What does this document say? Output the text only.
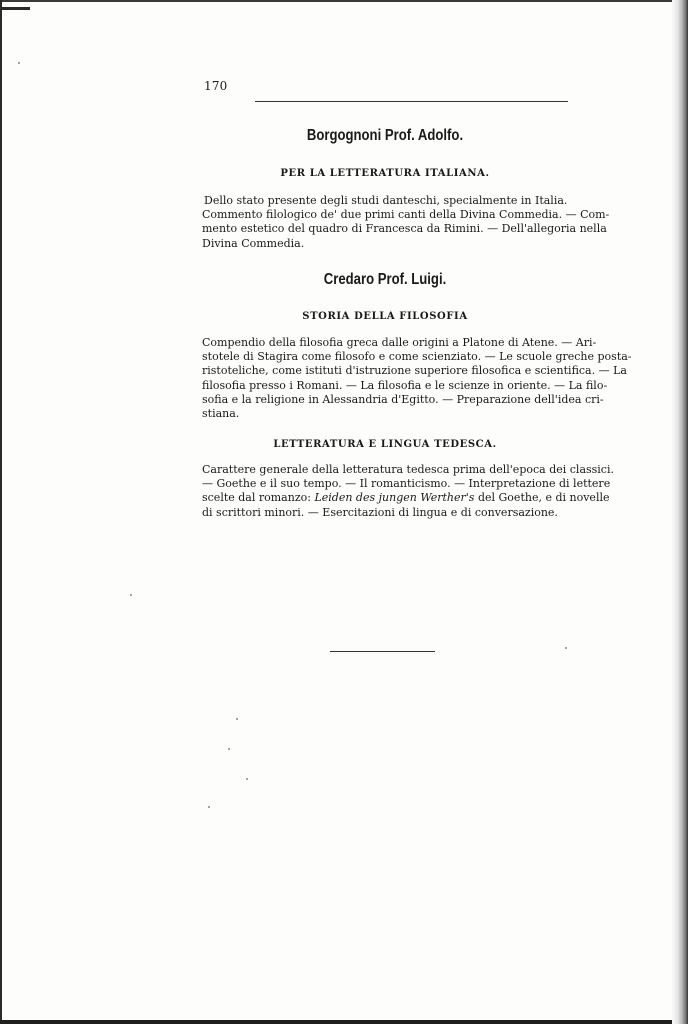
170
Borgognoni Prof. Adolfo.
PER LA LETTERATURA ITALIANA.
Dello stato presente degli studi danteschi, specialmente in Italia.
Commento filologico de' due primi canti della Divina Commedia. — Com-
mento estetico del quadro di Francesca da Rimini. — Dell'allegoria nella
Divina Commedia.
Credaro Prof. Luigi.
STORIA DELLA FILOSOFIA
Compendio della filosofia greca dalle origini a Platone di Atene. — Ari-
stotele di Stagira come filosofo e come scienziato. — Le scuole greche posta-
ristoteliche, come istituti d'istruzione superiore filosofica e scientifica. — La
filosofia presso i Romani. — La filosofia e le scienze in oriente. — La filo-
sofia e la religione in Alessandria d'Egitto. — Preparazione dell'idea cri-
stiana.
LETTERATURA E LINGUA TEDESCA.
Carattere generale della letteratura tedesca prima dell'epoca dei classici.
— Goethe e il suo tempo. — Il romanticismo. — Interpretazione di lettere
scelte dal romanzo: Leiden des jungen Werther's del Goethe, e di novelle
di scrittori minori. — Esercitazioni di lingua e di conversazione.
